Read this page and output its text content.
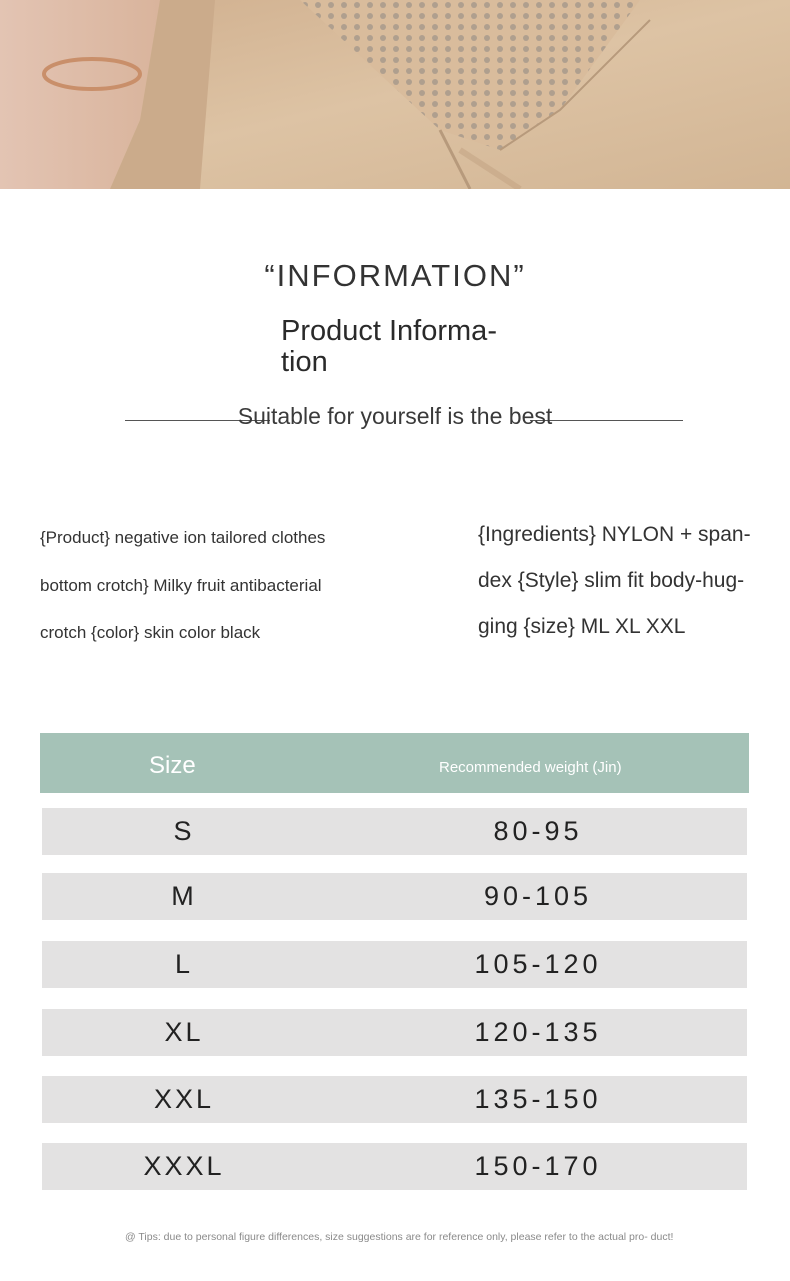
“INFORMATION”
Product Informa- tion
Suitable for yourself is the best
{Product} negative ion tailored clothes bottom crotch} Milky fruit antibacterial crotch {color} skin color black
{Ingredients} NYLON + span- dex {Style} slim fit body-hug- ging {size} ML XL XXL
Size	Recommended weight (Jin)
S	80-95
M	90-105
L	105-120
XL	120-135
XXL	135-150
XXXL	150-170
@ Tips: due to personal figure differences, size suggestions are for reference only, please refer to the actual pro- duct!
